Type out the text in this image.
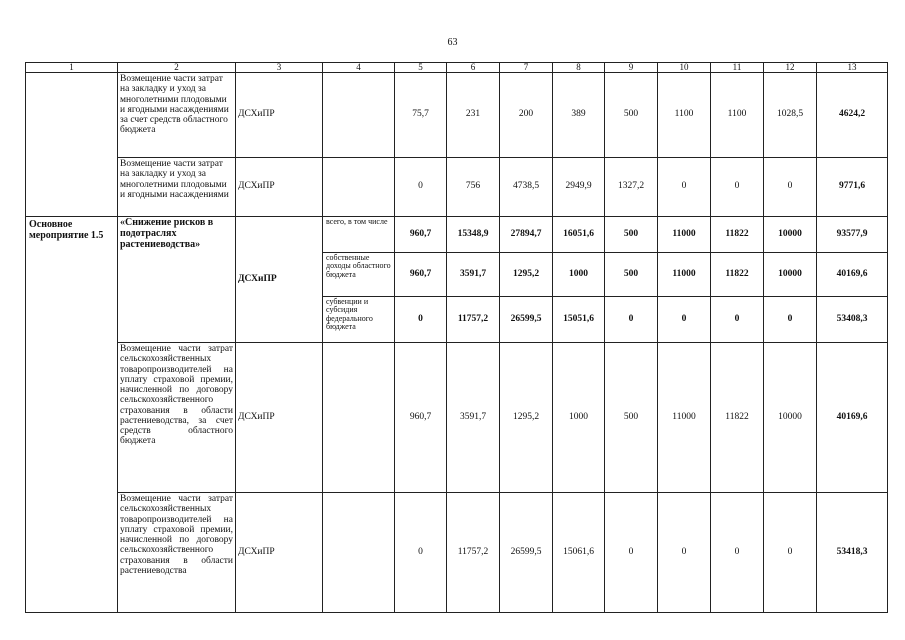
63
1	2	3	4	5	6	7	8	9	10	11	12	13
	Возмещение части затрат на закладку и уход за многолетними плодовыми и ягодными насаждениями за счет средств областного бюджета	ДСХиПР		75,7	231	200	389	500	1100	1100	1028,5	4624,2
	Возмещение части затрат на закладку и уход за многолетними плодовыми и ягодными насаждениями	ДСХиПР		0	756	4738,5	2949,9	1327,2	0	0	0	9771,6
Основное мероприятие 1.5	«Снижение рисков в подотраслях растениеводства»	ДСХиПР	всего, в том числе	960,7	15348,9	27894,7	16051,6	500	11000	11822	10000	93577,9
			собственные доходы областного бюджета	960,7	3591,7	1295,2	1000	500	11000	11822	10000	40169,6
			субвенции и субсидия федерального бюджета	0	11757,2	26599,5	15051,6	0	0	0	0	53408,3
	Возмещение части затрат сельскохозяйственных товаропроизводителей на уплату страховой премии, начисленной по договору сельскохозяйственного страхования в области растениеводства, за счет средств областного бюджета	ДСХиПР		960,7	3591,7	1295,2	1000	500	11000	11822	10000	40169,6
	Возмещение части затрат сельскохозяйственных товаропроизводителей на уплату страховой премии, начисленной по договору сельскохозяйственного страхования в области растениеводства	ДСХиПР		0	11757,2	26599,5	15061,6	0	0	0	0	53418,3
